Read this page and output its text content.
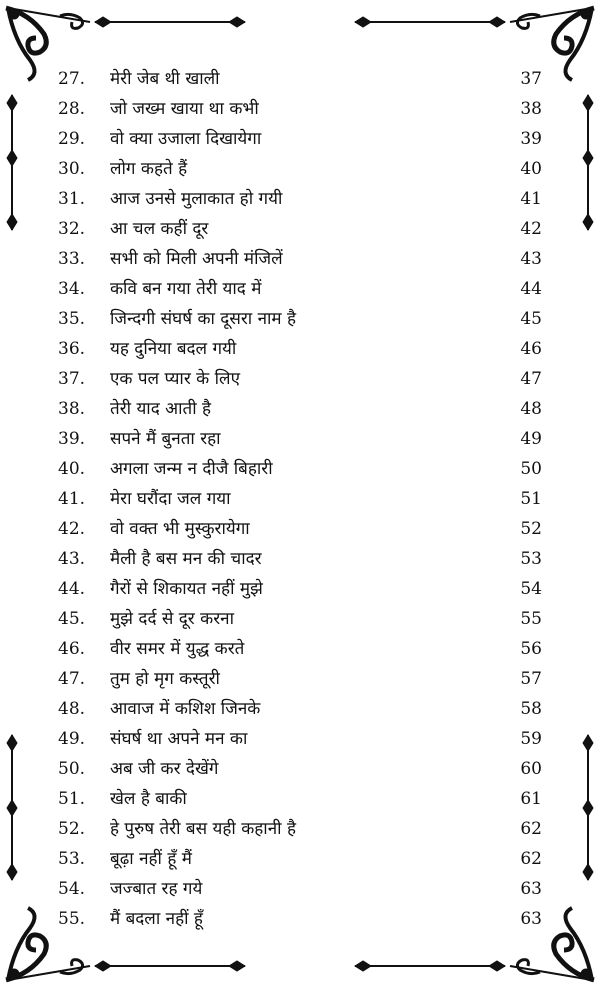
27.	मेरी जेब थी खाली	37
28.	जो जख्म खाया था कभी	38
29.	वो क्या उजाला दिखायेगा	39
30.	लोग कहते हैं	40
31.	आज उनसे मुलाकात हो गयी	41
32.	आ चल कहीं दूर	42
33.	सभी को मिली अपनी मंजिलें	43
34.	कवि बन गया तेरी याद में	44
35.	जिन्दगी संघर्ष का दूसरा नाम है	45
36.	यह दुनिया बदल गयी	46
37.	एक पल प्यार के लिए	47
38.	तेरी याद आती है	48
39.	सपने मैं बुनता रहा	49
40.	अगला जन्म न दीजै बिहारी	50
41.	मेरा घरौंदा जल गया	51
42.	वो वक्त भी मुस्कुरायेगा	52
43.	मैली है बस मन की चादर	53
44.	गैरों से शिकायत नहीं मुझे	54
45.	मुझे दर्द से दूर करना	55
46.	वीर समर में युद्ध करते	56
47.	तुम हो मृग कस्तूरी	57
48.	आवाज में कशिश जिनके	58
49.	संघर्ष था अपने मन का	59
50.	अब जी कर देखेंगे	60
51.	खेल है बाकी	61
52.	हे पुरुष तेरी बस यही कहानी है	62
53.	बूढ़ा नहीं हूँ मैं	62
54.	जज्बात रह गये	63
55.	मैं बदला नहीं हूँ	63
